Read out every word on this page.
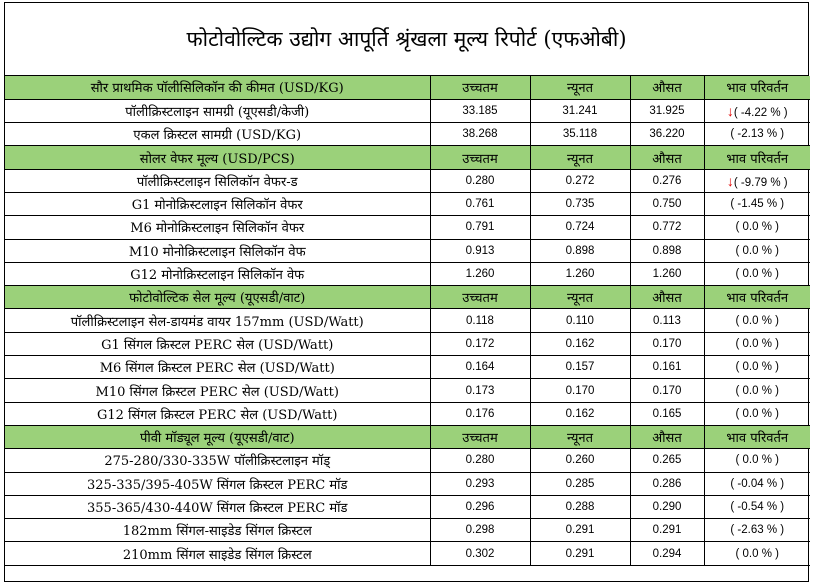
फोटोवोल्टिक उद्योग आपूर्ति श्रृंखला मूल्य रिपोर्ट (एफओबी)
सौर प्राथमिक पॉलीसिलिकॉन की कीमत (USD/KG)	उच्चतम	न्यूनत	औसत	भाव परिवर्तन
पॉलीक्रिस्टलाइन सामग्री (यूएसडी/केजी)	33.185	31.241	31.925	↓( -4.22 % )
एकल क्रिस्टल सामग्री (USD/KG)	38.268	35.118	36.220	( -2.13 % )
सोलर वेफर मूल्य (USD/PCS)	उच्चतम	न्यूनत	औसत	भाव परिवर्तन
पॉलीक्रिस्टलाइन सिलिकॉन वेफर-ड	0.280	0.272	0.276	↓( -9.79 % )
G1 मोनोक्रिस्टलाइन सिलिकॉन वेफर	0.761	0.735	0.750	( -1.45 % )
M6 मोनोक्रिस्टलाइन सिलिकॉन वेफर	0.791	0.724	0.772	( 0.0 % )
M10 मोनोक्रिस्टलाइन सिलिकॉन वेफ	0.913	0.898	0.898	( 0.0 % )
G12 मोनोक्रिस्टलाइन सिलिकॉन वेफ	1.260	1.260	1.260	( 0.0 % )
फोटोवोल्टिक सेल मूल्य (यूएसडी/वाट)	उच्चतम	न्यूनत	औसत	भाव परिवर्तन
पॉलीक्रिस्टलाइन सेल-डायमंड वायर 157mm (USD/Watt)	0.118	0.110	0.113	( 0.0 % )
G1 सिंगल क्रिस्टल PERC सेल (USD/Watt)	0.172	0.162	0.170	( 0.0 % )
M6 सिंगल क्रिस्टल PERC सेल (USD/Watt)	0.164	0.157	0.161	( 0.0 % )
M10 सिंगल क्रिस्टल PERC सेल (USD/Watt)	0.173	0.170	0.170	( 0.0 % )
G12 सिंगल क्रिस्टल PERC सेल (USD/Watt)	0.176	0.162	0.165	( 0.0 % )
पीवी मॉड्यूल मूल्य (यूएसडी/वाट)	उच्चतम	न्यूनत	औसत	भाव परिवर्तन
275-280/330-335W पॉलीक्रिस्टलाइन मॉड्	0.280	0.260	0.265	( 0.0 % )
325-335/395-405W सिंगल क्रिस्टल PERC मॉड	0.293	0.285	0.286	( -0.04 % )
355-365/430-440W सिंगल क्रिस्टल PERC मॉड	0.296	0.288	0.290	( -0.54 % )
182mm सिंगल-साइडेड सिंगल क्रिस्टल	0.298	0.291	0.291	( -2.63 % )
210mm सिंगल साइडेड सिंगल क्रिस्टल	0.302	0.291	0.294	( 0.0 % )
